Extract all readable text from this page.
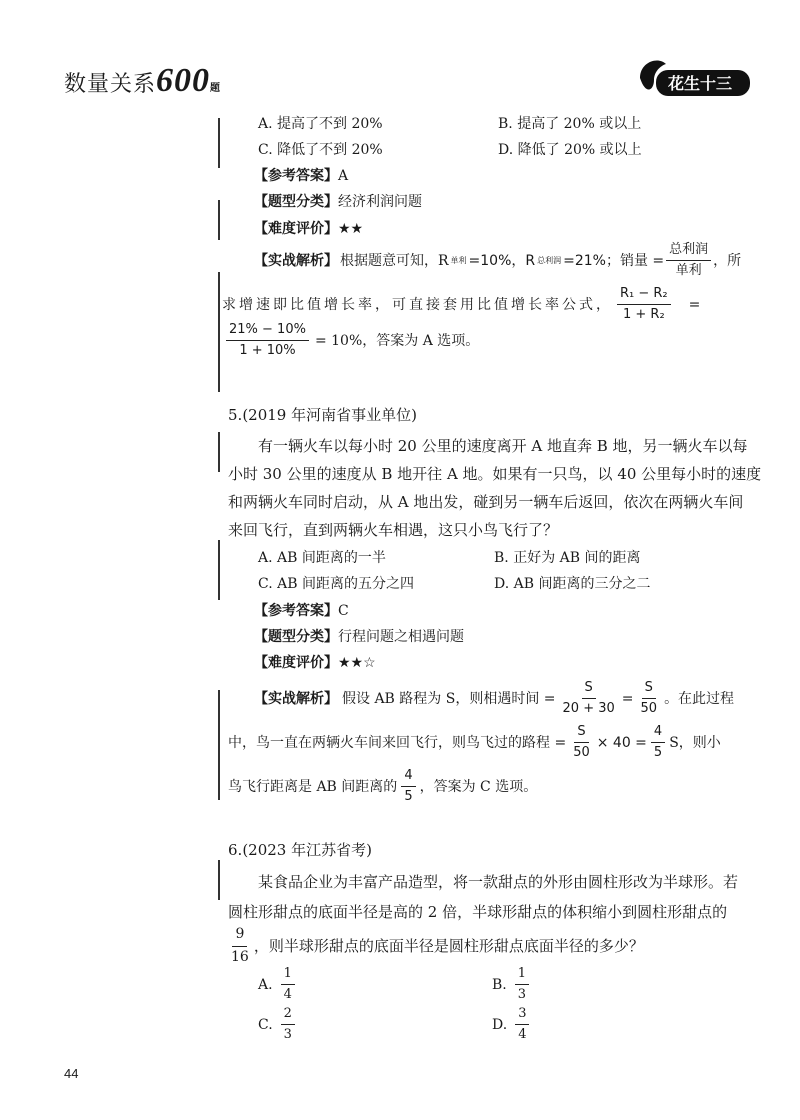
数量关系600题	花生十三
A. 提高了不到 20%	B. 提高了 20% 或以上
C. 降低了不到 20%	D. 降低了 20% 或以上
【参考答案】A
【题型分类】经济利润问题
【难度评价】★★
【实战解析】 根据题意可知，R 单利 =10%，R 总利润 =21%；销量 = $\frac{\text{总利润}}{\text{单利}}$ ，所
求增速即比值增长率，可直接套用比值增长率公式， $\frac{\text{R₁ − R₂}}{\text{1 + R₂}}$ =
$\frac{21\% - 10\%}{1 + 10\%} = 10\%$，答案为 A 选项。
5.(2019 年河南省事业单位)
有一辆火车以每小时 20 公里的速度离开 A 地直奔 B 地，另一辆火车以每
小时 30 公里的速度从 B 地开往 A 地。如果有一只鸟，以 40 公里每小时的速度
和两辆火车同时启动，从 A 地出发，碰到另一辆车后返回，依次在两辆火车间
来回飞行，直到两辆火车相遇，这只小鸟飞行了？
A. AB 间距离的一半	B. 正好为 AB 间的距离
C. AB 间距离的五分之四	D. AB 间距离的三分之二
【参考答案】C
【题型分类】行程问题之相遇问题
【难度评价】★★☆
【实战解析】 假设 AB 路程为 S，则相遇时间 = $\frac{S}{20 + 30} = \frac{S}{50}$ 。在此过程
中，鸟一直在两辆火车间来回飞行，则鸟飞过的路程 = $\frac{S}{50} \times 40 = \frac{4}{5}$ S，则小
鸟飞行距离是 AB 间距离的 $\frac{4}{5}$ ，答案为 C 选项。
6.(2023 年江苏省考)
某食品企业为丰富产品造型，将一款甜点的外形由圆柱形改为半球形。若
圆柱形甜点的底面半径是高的 2 倍，半球形甜点的体积缩小到圆柱形甜点的
$\frac{9}{16}$ ，则半球形甜点的底面半径是圆柱形甜点底面半径的多少？
A. $\frac{1}{4}$	B. $\frac{1}{3}$
C. $\frac{2}{3}$	D. $\frac{3}{4}$
44
